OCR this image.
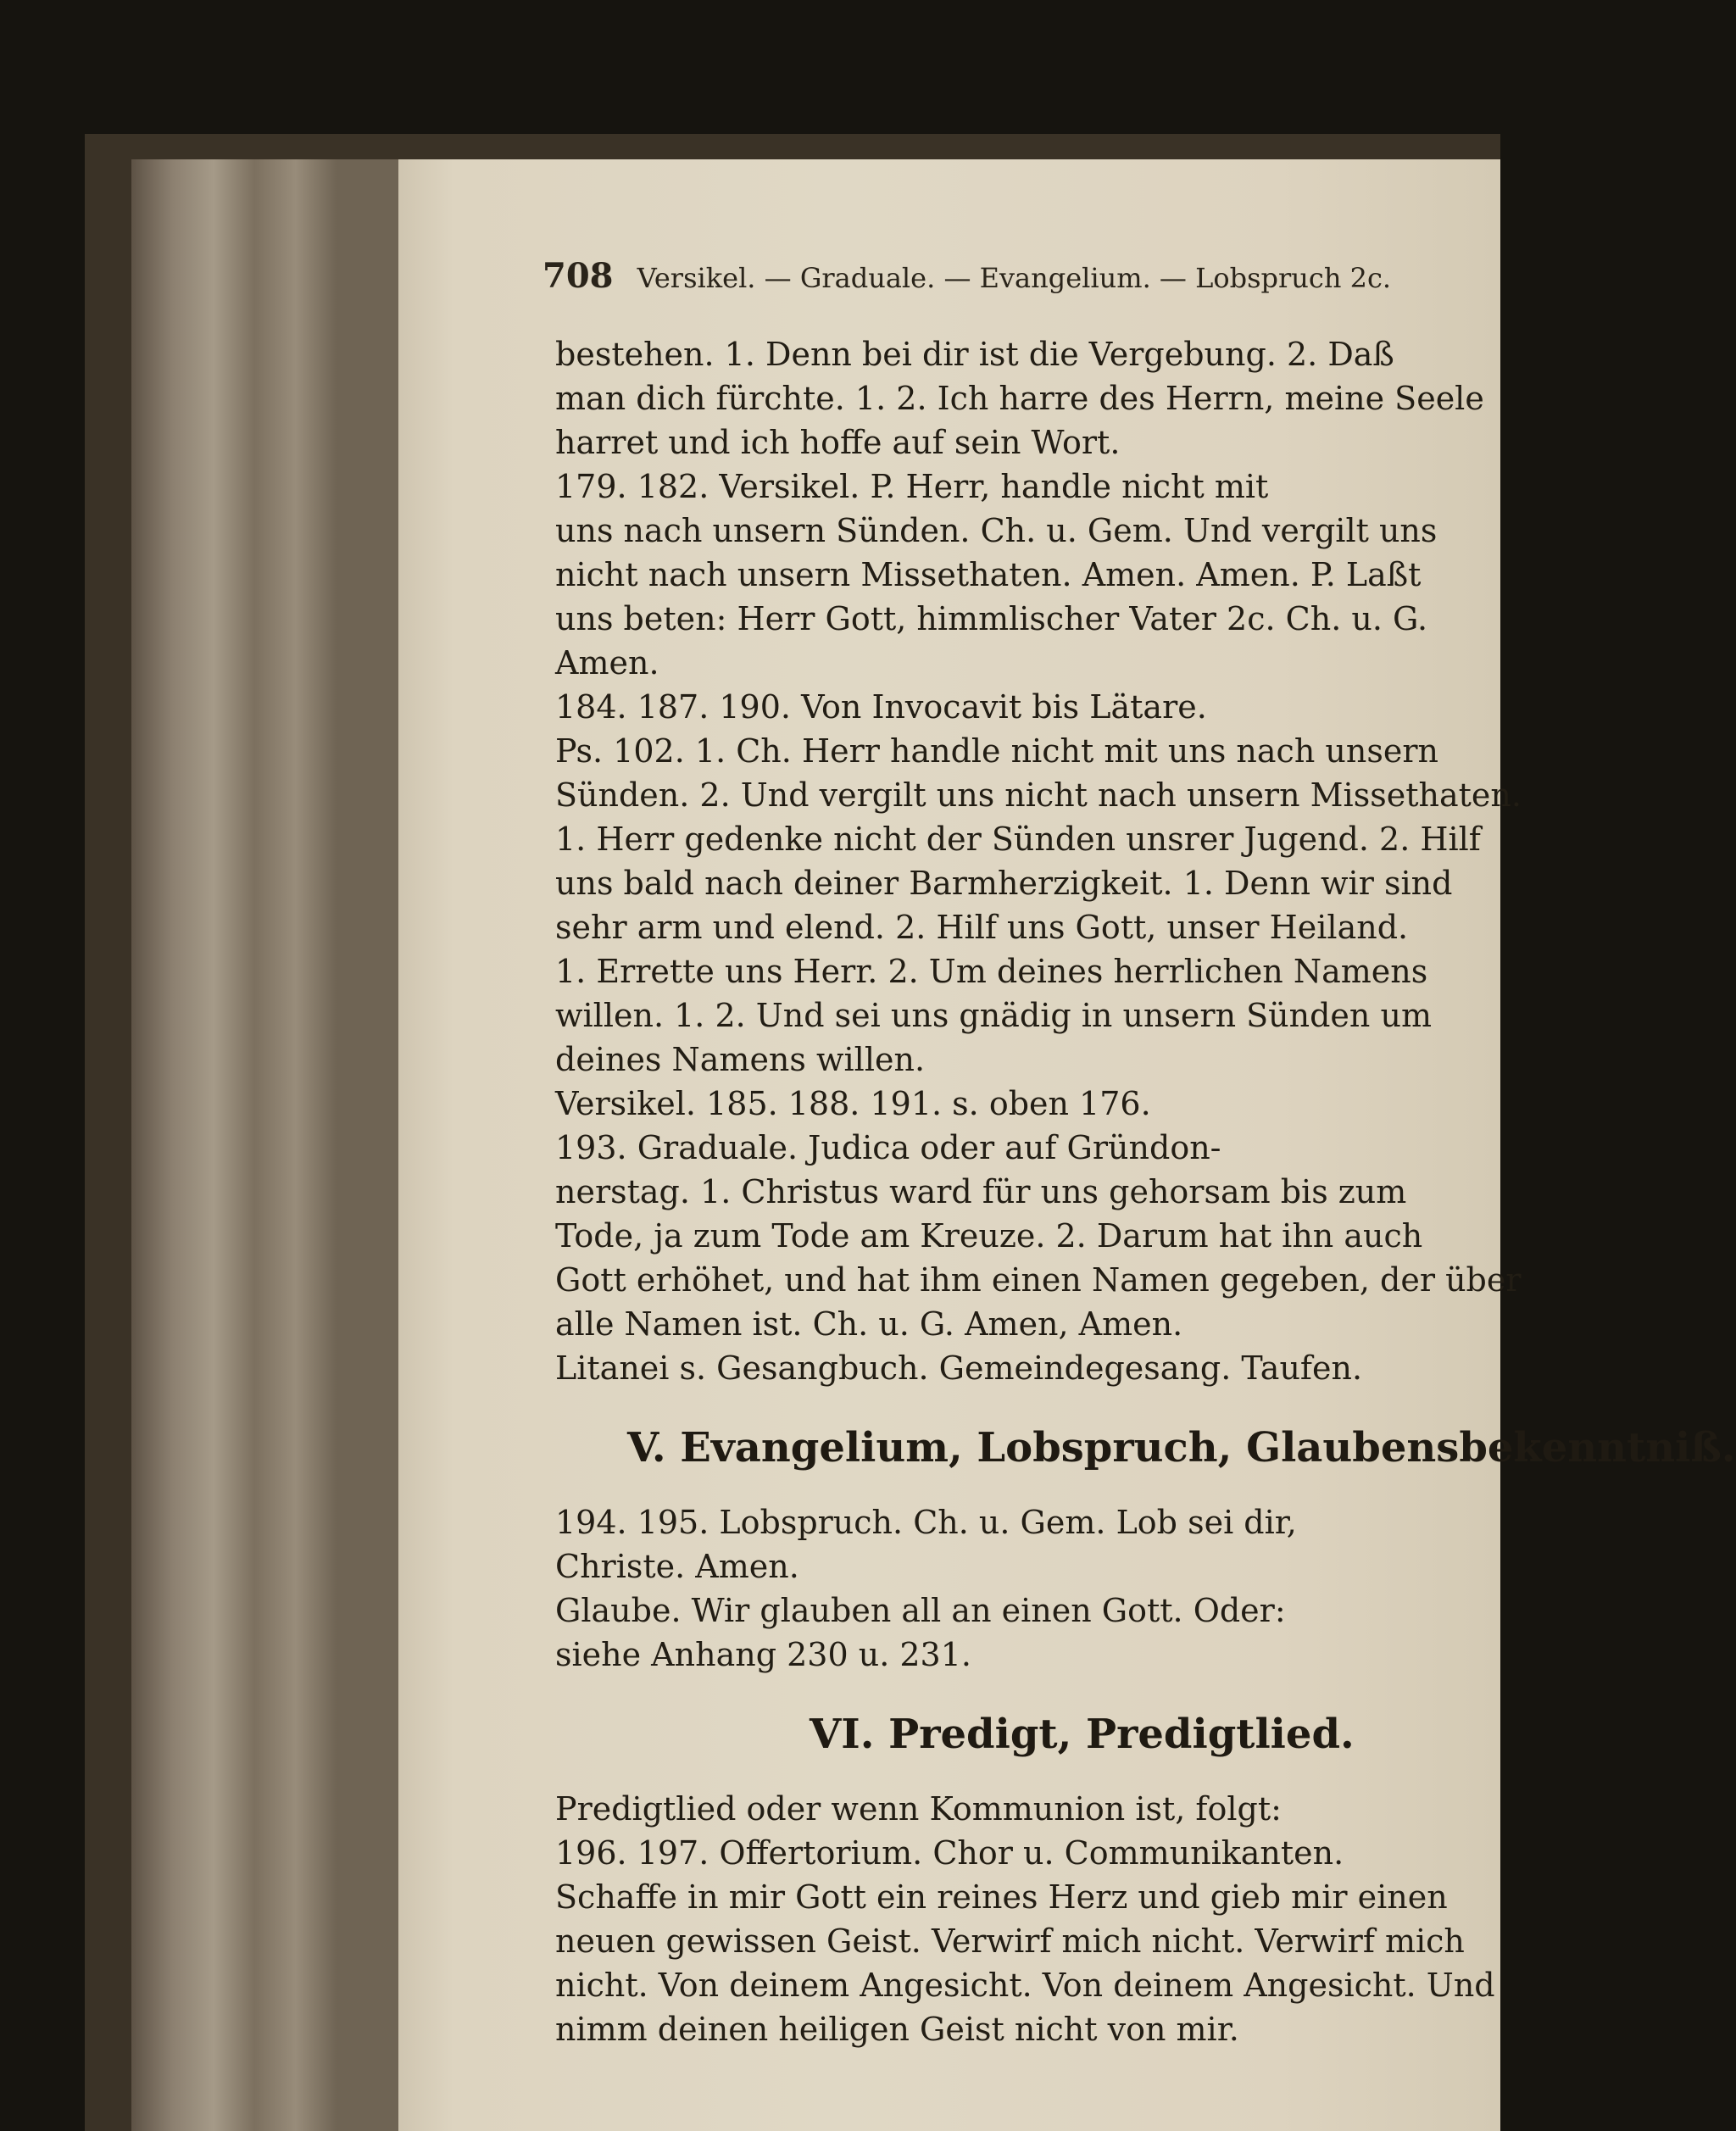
708 Versikel. — Graduale. — Evangelium. — Lobspruch 2c.
bestehen. 1. Denn bei dir ist die Vergebung. 2. Daß
man dich fürchte. 1. 2. Ich harre des Herrn, meine Seele
harret und ich hoffe auf sein Wort.
179. 182. Versikel. P. Herr, handle nicht mit
uns nach unsern Sünden. Ch. u. Gem. Und vergilt uns
nicht nach unsern Missethaten. Amen. Amen. P. Laßt
uns beten: Herr Gott, himmlischer Vater 2c. Ch. u. G.
Amen.
184. 187. 190. Von Invocavit bis Lätare.
Ps. 102. 1. Ch. Herr handle nicht mit uns nach unsern
Sünden. 2. Und vergilt uns nicht nach unsern Missethaten.
1. Herr gedenke nicht der Sünden unsrer Jugend. 2. Hilf
uns bald nach deiner Barmherzigkeit. 1. Denn wir sind
sehr arm und elend. 2. Hilf uns Gott, unser Heiland.
1. Errette uns Herr. 2. Um deines herrlichen Namens
willen. 1. 2. Und sei uns gnädig in unsern Sünden um
deines Namens willen.
Versikel. 185. 188. 191. s. oben 176.
193. Graduale. Judica oder auf Gründon-
nerstag. 1. Christus ward für uns gehorsam bis zum
Tode, ja zum Tode am Kreuze. 2. Darum hat ihn auch
Gott erhöhet, und hat ihm einen Namen gegeben, der über
alle Namen ist. Ch. u. G. Amen, Amen.
Litanei s. Gesangbuch. Gemeindegesang. Taufen.
V. Evangelium, Lobspruch, Glaubensbekenntniß.
194. 195. Lobspruch. Ch. u. Gem. Lob sei dir,
Christe. Amen.
Glaube. Wir glauben all an einen Gott. Oder:
siehe Anhang 230 u. 231.
VI. Predigt, Predigtlied.
Predigtlied oder wenn Kommunion ist, folgt:
196. 197. Offertorium. Chor u. Communikanten.
Schaffe in mir Gott ein reines Herz und gieb mir einen
neuen gewissen Geist. Verwirf mich nicht. Verwirf mich
nicht. Von deinem Angesicht. Von deinem Angesicht. Und
nimm deinen heiligen Geist nicht von mir.
